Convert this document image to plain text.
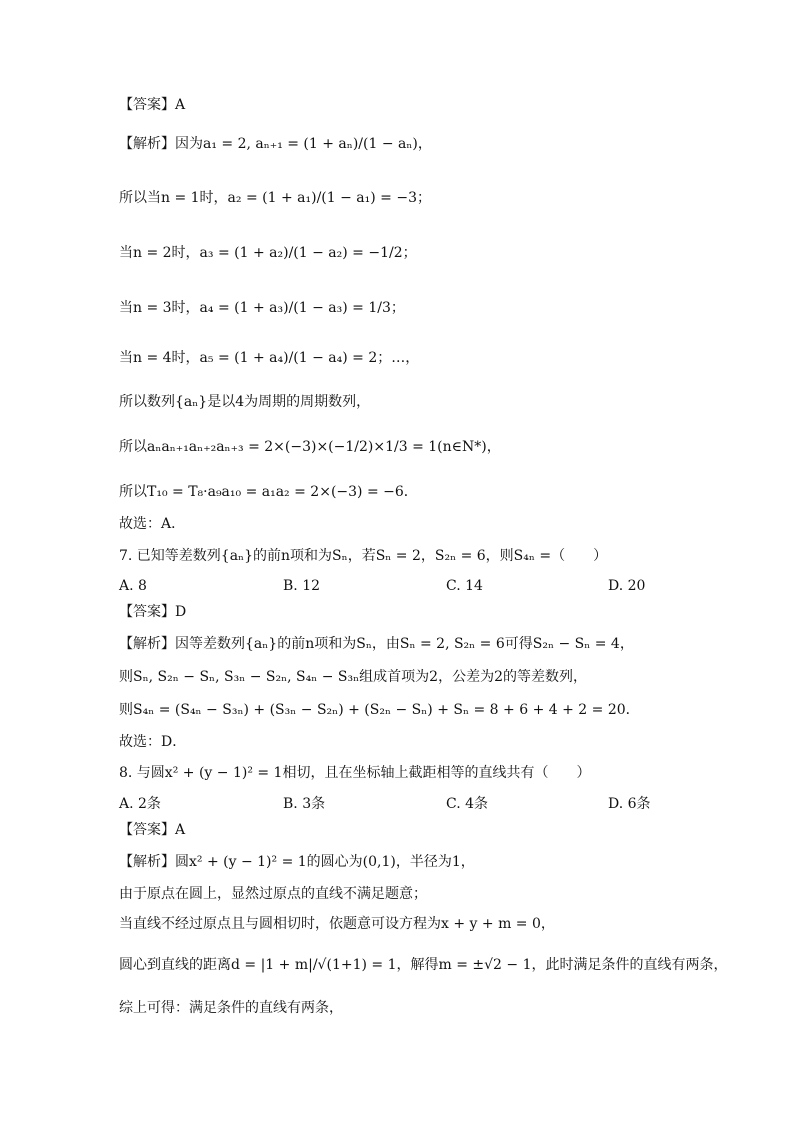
【答案】A
【解析】因为a₁ = 2, aₙ₊₁ = (1 + aₙ)/(1 − aₙ)，
所以当n = 1时，a₂ = (1 + a₁)/(1 − a₁) = −3；
当n = 2时，a₃ = (1 + a₂)/(1 − a₂) = −1/2；
当n = 3时，a₄ = (1 + a₃)/(1 − a₃) = 1/3；
当n = 4时，a₅ = (1 + a₄)/(1 − a₄) = 2；…，
所以数列{aₙ}是以4为周期的周期数列，
所以aₙaₙ₊₁aₙ₊₂aₙ₊₃ = 2×(−3)×(−1/2)×1/3 = 1(n∈N*)，
所以T₁₀ = T₈·a₉a₁₀ = a₁a₂ = 2×(−3) = −6．
故选：A．
7. 已知等差数列{aₙ}的前n项和为Sₙ，若Sₙ = 2，S₂ₙ = 6，则S₄ₙ =（　　）
A. 8	B. 12	C. 14	D. 20
【答案】D
【解析】因等差数列{aₙ}的前n项和为Sₙ，由Sₙ = 2, S₂ₙ = 6可得S₂ₙ − Sₙ = 4，
则Sₙ, S₂ₙ − Sₙ, S₃ₙ − S₂ₙ, S₄ₙ − S₃ₙ组成首项为2，公差为2的等差数列，
则S₄ₙ = (S₄ₙ − S₃ₙ) + (S₃ₙ − S₂ₙ) + (S₂ₙ − Sₙ) + Sₙ = 8 + 6 + 4 + 2 = 20．
故选：D．
8. 与圆x² + (y − 1)² = 1相切，且在坐标轴上截距相等的直线共有（　　）
A. 2条	B. 3条	C. 4条	D. 6条
【答案】A
【解析】圆x² + (y − 1)² = 1的圆心为(0,1)，半径为1，
由于原点在圆上，显然过原点的直线不满足题意；
当直线不经过原点且与圆相切时，依题意可设方程为x + y + m = 0，
圆心到直线的距离d = |1 + m|/√(1+1) = 1，解得m = ±√2 − 1，此时满足条件的直线有两条，
综上可得：满足条件的直线有两条，
